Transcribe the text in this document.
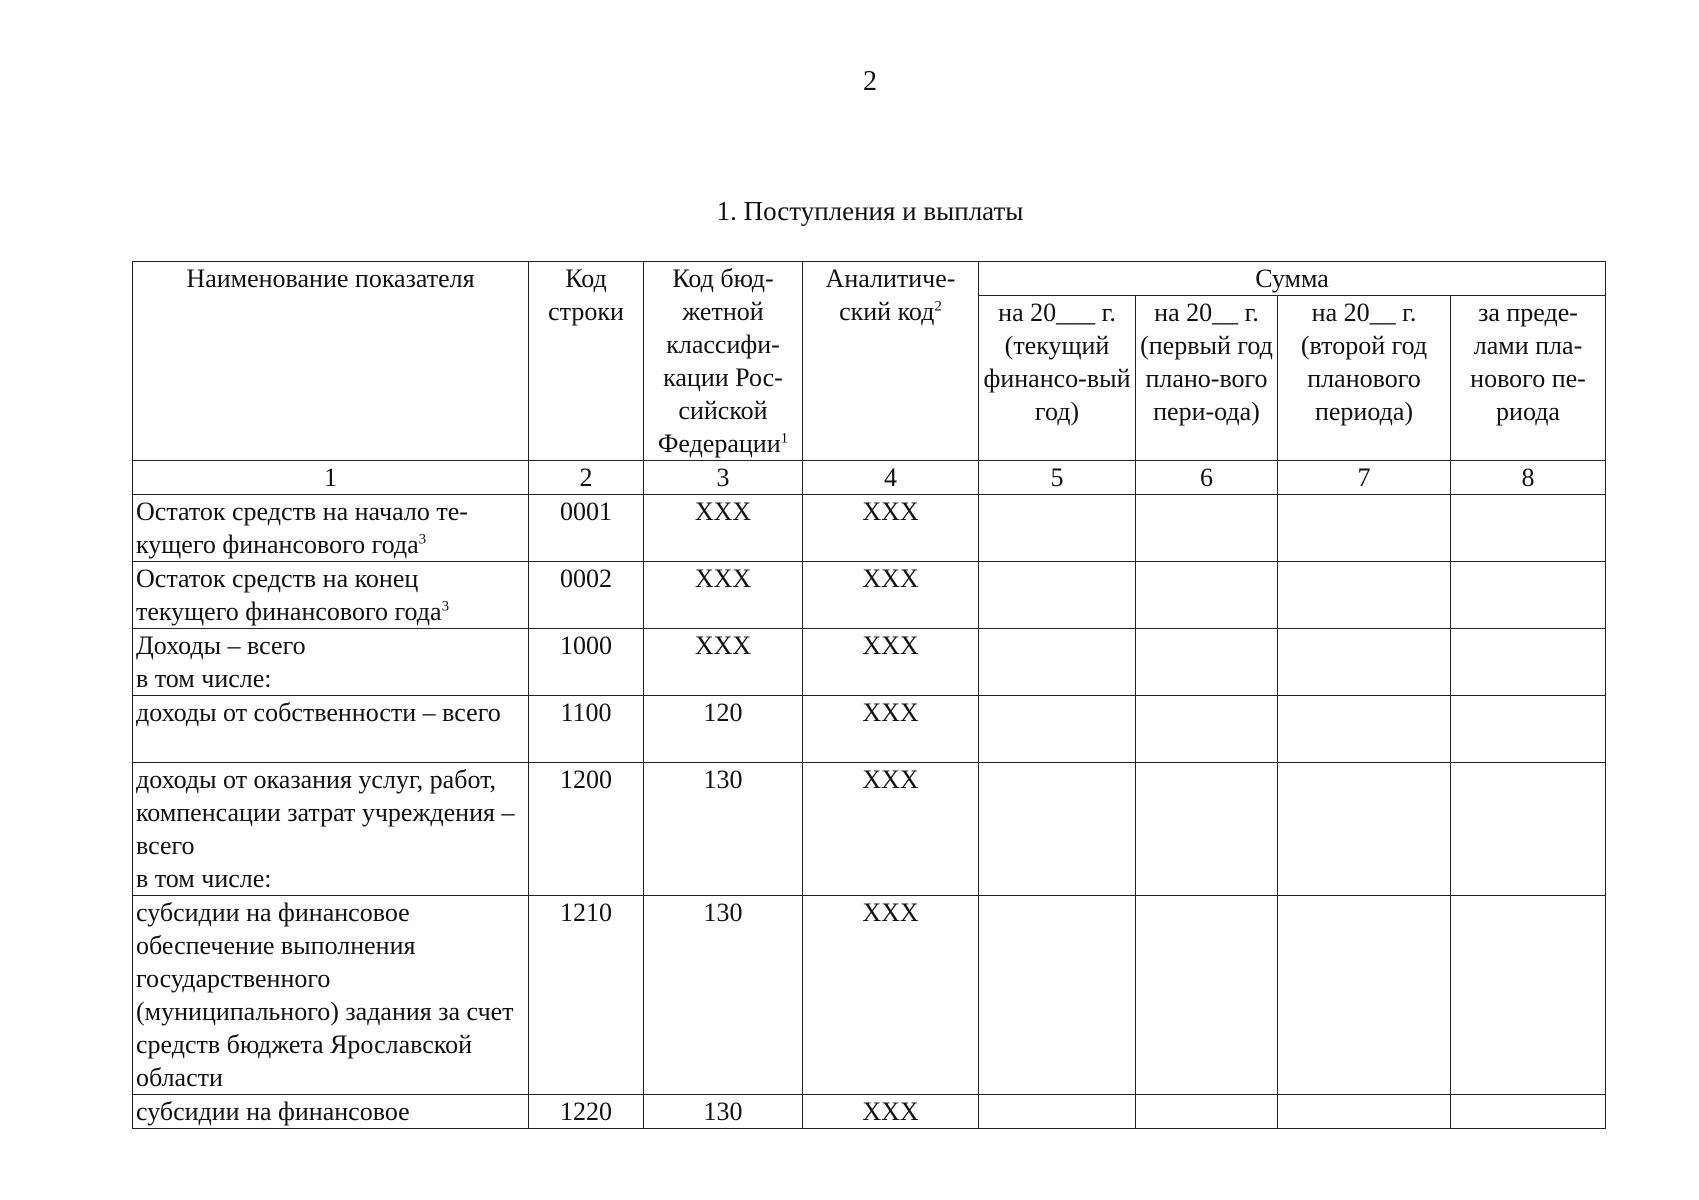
2
1. Поступления и выплаты
Наименование показателя	Код строки	Код бюд-жетной классифи-кации Рос-сийской Федерации$^1$	Аналитиче-ский код$^2$	Сумма			
				на 20___ г. (текущий финансо-вый год)	на 20__ г. (первый год плано-вого пери-ода)	на 20__ г. (второй год планового периода)	за преде-лами пла-нового пе-риода
1	2	3	4	5	6	7	8
Остаток средств на начало те-кущего финансового года$^3$	0001	XXX	XXX				
Остаток средств на конец текущего финансового года$^3$	0002	XXX	XXX				
Доходы – всего
в том числе:	1000	XXX	XXX				
доходы от собственности – всего	1100	120	XXX				
доходы от оказания услуг, работ, компенсации затрат учреждения – всего
в том числе:	1200	130	XXX				
субсидии на финансовое обеспечение выполнения государственного (муниципального) задания за счет средств бюджета Ярославской области	1210	130	XXX				
субсидии на финансовое	1220	130	XXX				
